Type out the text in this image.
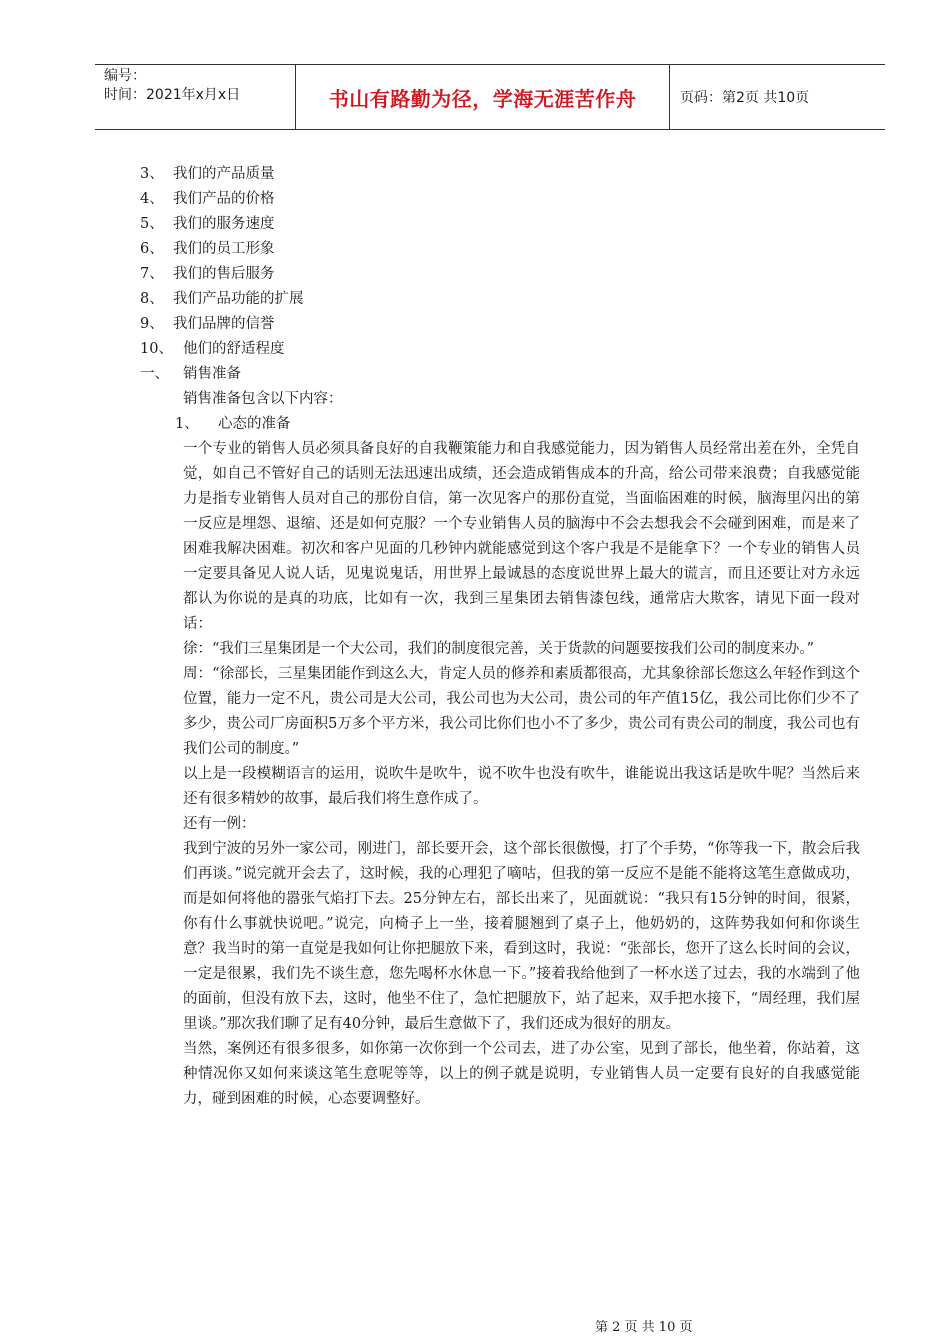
编号：
时间：2021年x月x日	书山有路勤为径，学海无涯苦作舟	页码：第2页 共10页
3、 我们的产品质量
4、 我们产品的价格
5、 我们的服务速度
6、 我们的员工形象
7、 我们的售后服务
8、 我们产品功能的扩展
9、 我们品牌的信誉
10、 他们的舒适程度
一、 销售准备
销售准备包含以下内容：
1、	心态的准备
一个专业的销售人员必须具备良好的自我鞭策能力和自我感觉能力，因为销售人员经常出差在外，全凭自觉，如自己不管好自己的话则无法迅速出成绩，还会造成销售成本的升高，给公司带来浪费；自我感觉能力是指专业销售人员对自己的那份自信，第一次见客户的那份直觉，当面临困难的时候，脑海里闪出的第一反应是埋怨、退缩、还是如何克服？一个专业销售人员的脑海中不会去想我会不会碰到困难，而是来了困难我解决困难。初次和客户见面的几秒钟内就能感觉到这个客户我是不是能拿下？一个专业的销售人员一定要具备见人说人话，见鬼说鬼话，用世界上最诚恳的态度说世界上最大的谎言，而且还要让对方永远都认为你说的是真的功底，比如有一次，我到三星集团去销售漆包线，通常店大欺客，请见下面一段对话：
徐：“我们三星集团是一个大公司，我们的制度很完善，关于货款的问题要按我们公司的制度来办。”
周：“徐部长，三星集团能作到这么大，肯定人员的修养和素质都很高，尤其象徐部长您这么年轻作到这个位置，能力一定不凡，贵公司是大公司，我公司也为大公司，贵公司的年产值15亿，我公司比你们少不了多少，贵公司厂房面积5万多个平方米，我公司比你们也小不了多少，贵公司有贵公司的制度，我公司也有我们公司的制度。”
以上是一段模糊语言的运用，说吹牛是吹牛，说不吹牛也没有吹牛，谁能说出我这话是吹牛呢？当然后来还有很多精妙的故事，最后我们将生意作成了。
还有一例：
我到宁波的另外一家公司，刚进门，部长要开会，这个部长很傲慢，打了个手势，“你等我一下，散会后我们再谈。”说完就开会去了，这时候，我的心理犯了嘀咕，但我的第一反应不是能不能将这笔生意做成功，而是如何将他的嚣张气焰打下去。25分钟左右，部长出来了，见面就说：“我只有15分钟的时间，很紧，你有什么事就快说吧。”说完，向椅子上一坐，接着腿翘到了桌子上，他奶奶的，这阵势我如何和你谈生意？我当时的第一直觉是我如何让你把腿放下来，看到这时，我说：“张部长，您开了这么长时间的会议，一定是很累，我们先不谈生意，您先喝杯水休息一下。”接着我给他到了一杯水送了过去，我的水端到了他的面前，但没有放下去，这时，他坐不住了，急忙把腿放下，站了起来，双手把水接下，“周经理，我们屋里谈。”那次我们聊了足有40分钟，最后生意做下了，我们还成为很好的朋友。
当然，案例还有很多很多，如你第一次你到一个公司去，进了办公室，见到了部长，他坐着，你站着，这种情况你又如何来谈这笔生意呢等等，以上的例子就是说明，专业销售人员一定要有良好的自我感觉能力，碰到困难的时候，心态要调整好。
第 2 页 共 10 页
